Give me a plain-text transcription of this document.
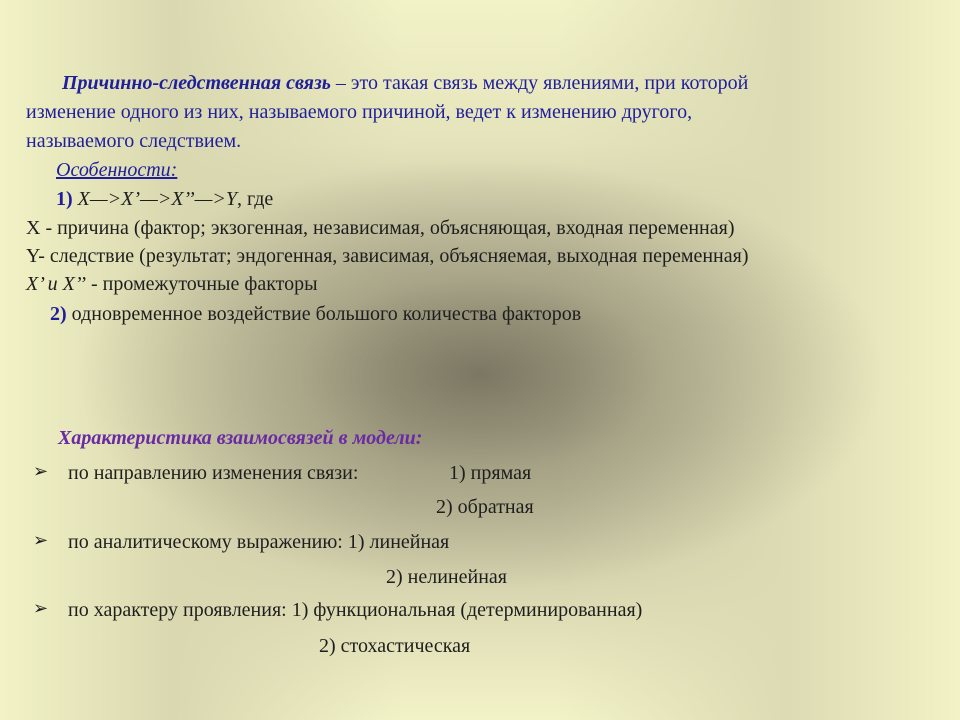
Причинно-следственная связь – это такая связь между явлениями, при которой
изменение одного из них, называемого причиной, ведет к изменению другого,
называемого следствием.
Особенности:
1) X—>X’—>X’’—>Y, где
X - причина (фактор; экзогенная, независимая, объясняющая, входная переменная)
Y- следствие (результат; эндогенная, зависимая, объясняемая, выходная переменная)
X’ и X’’ - промежуточные факторы
2) одновременное воздействие большого количества факторов
Характеристика взаимосвязей в модели:
➢ по направлению изменения связи:	1) прямая
2) обратная
➢ по аналитическому выражению: 1) линейная
2) нелинейная
➢ по характеру проявления: 1) функциональная (детерминированная)
2) стохастическая
